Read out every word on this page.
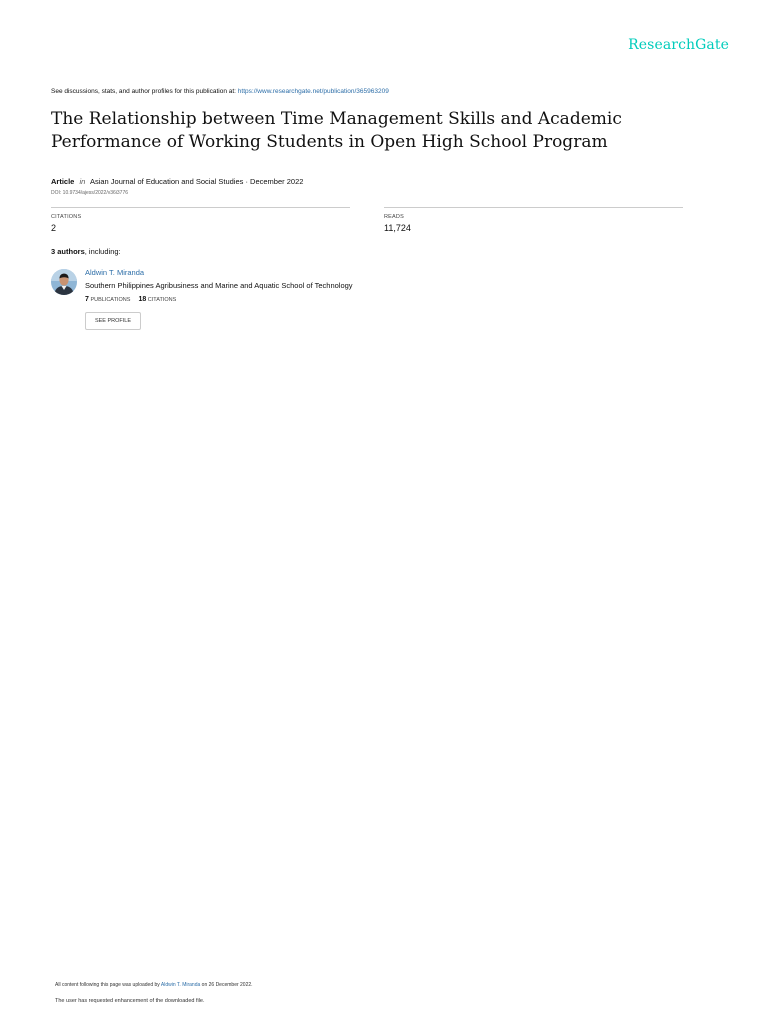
ResearchGate
See discussions, stats, and author profiles for this publication at: https://www.researchgate.net/publication/365963209
The Relationship between Time Management Skills and Academic Performance of Working Students in Open High School Program
Article in Asian Journal of Education and Social Studies · December 2022
DOI: 10.9734/ajess/2022/v36i3776
CITATIONS
2
READS
11,724
3 authors, including:
Aldwin T. Miranda
Southern Philippines Agribusiness and Marine and Aquatic School of Technology
7 PUBLICATIONS 18 CITATIONS
SEE PROFILE
All content following this page was uploaded by Aldwin T. Miranda on 26 December 2022.
The user has requested enhancement of the downloaded file.
